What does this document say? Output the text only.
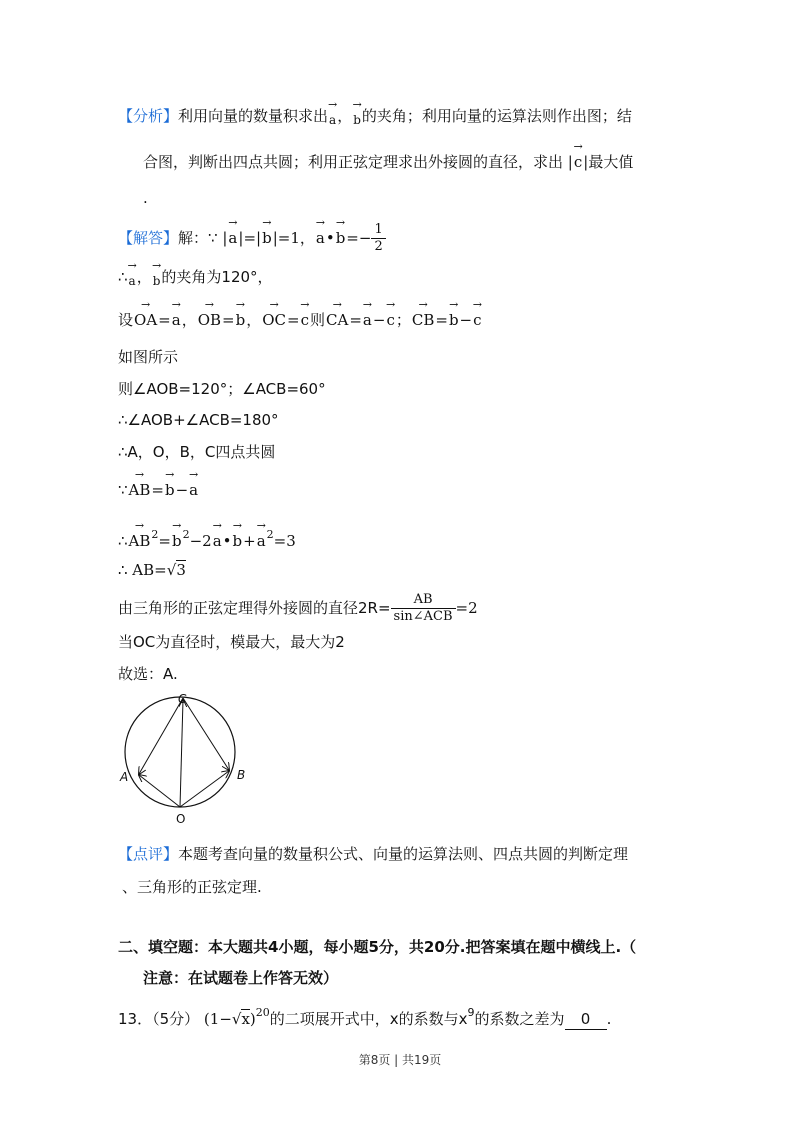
【分析】利用向量的数量积求出→ a，→ b的夹角；利用向量的运算法则作出图；结
合图，判断出四点共圆；利用正弦定理求出外接圆的直径，求出 |→ c|最大值
.
【解答】解：∵ |→ a|=|→ b|=1，→ a•→ $b=- \frac{1}{2}$
∴→ a，→ b的夹角为120°，
设→ OA=→ a，→ OB=→ b，→ OC=→ c则→ CA=→ a−→ c；→ CB=→ b−→ c
如图所示
则∠AOB=120°；∠ACB=60°
∴∠AOB+∠ACB=180°
∴A，O，B，C四点共圆
∵→ AB=→ b−→ a
∴→ $AB^2=\to b^2-2\to$ a•→ $b+\to a^2=3$
∴ AB=√3
由三角形的正弦定理得外接圆的直径$2R= \frac{AB}{\text{sin∠ACB}} =2$
当OC为直径时，模最大，最大为2
故选：A.
C
A	B
O
【点评】本题考查向量的数量积公式、向量的运算法则、四点共圆的判断定理
、三角形的正弦定理.
二、填空题：本大题共4小题，每小题5分，共20分.把答案填在题中横线上.（
注意：在试题卷上作答无效）
13．（5分） $(1-√x)^{20}$的二项展开式中，x的系数与$x^9$的系数之差为 0 .
第8页 | 共19页
